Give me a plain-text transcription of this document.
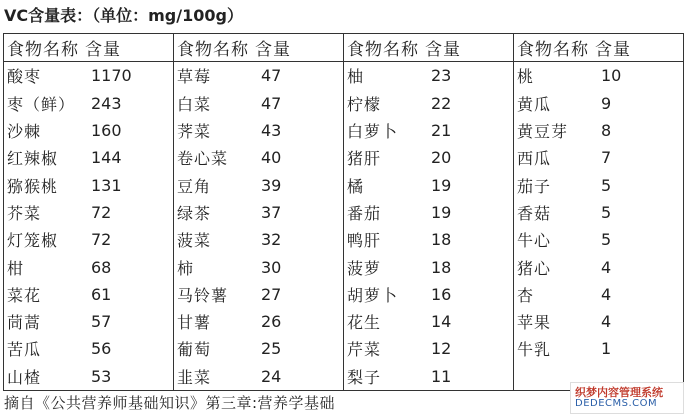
VC含量表：（单位：mg/100g）
食物名称 含量	食物名称 含量	食物名称 含量	食物名称 含量

酸枣 1170	草莓 47	柚 23	桃 10

枣（鲜） 243	白菜 47	柠檬 22	黄瓜 9

沙棘 160	荠菜 43	白萝卜 21	黄豆芽 8

红辣椒 144	卷心菜 40	猪肝 20	西瓜 7

猕猴桃 131	豆角 39	橘 19	茄子 5

芥菜 72	绿茶 37	番茄 19	香菇 5

灯笼椒 72	菠菜 32	鸭肝 18	牛心 5

柑 68	柿 30	菠萝 18	猪心 4

菜花 61	马铃薯 27	胡萝卜 16	杏 4

茼蒿 57	甘薯 26	花生 14	苹果 4

苦瓜 56	葡萄 25	芹菜 12	牛乳 1

山楂 53	韭菜 24	梨子 11	

摘自《公共营养师基础知识》第三章:营养学基础
织梦内容管理系统
DEDECMS.COM
